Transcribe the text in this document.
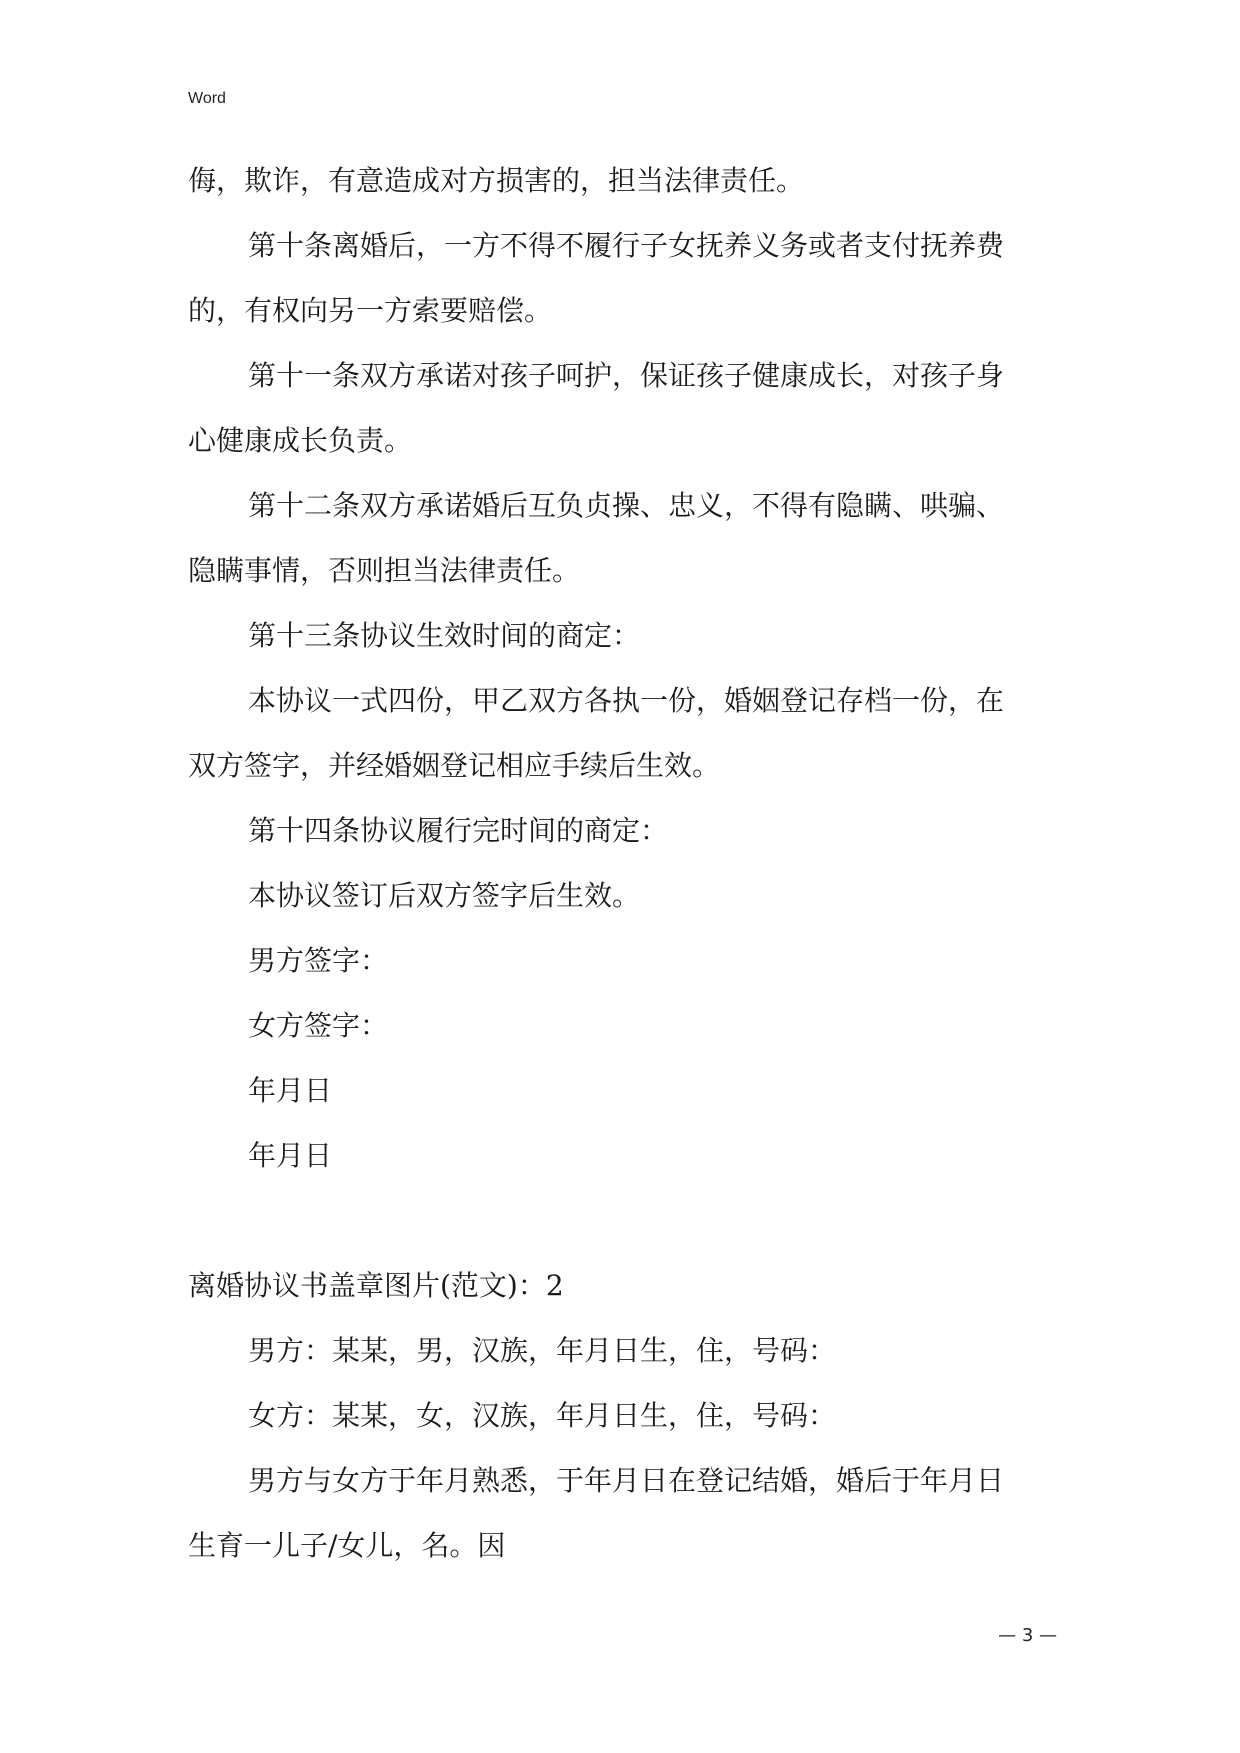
Word

侮，欺诈，有意造成对方损害的，担当法律责任。

第十条离婚后，一方不得不履行子女抚养义务或者支付抚养费

的，有权向另一方索要赔偿。

第十一条双方承诺对孩子呵护，保证孩子健康成长，对孩子身

心健康成长负责。

第十二条双方承诺婚后互负贞操、忠义，不得有隐瞒、哄骗、

隐瞒事情，否则担当法律责任。

第十三条协议生效时间的商定：

本协议一式四份，甲乙双方各执一份，婚姻登记存档一份，在

双方签字，并经婚姻登记相应手续后生效。

第十四条协议履行完时间的商定：

本协议签订后双方签字后生效。

男方签字：

女方签字：

年月日

年月日

离婚协议书盖章图片(范文)：2

男方：某某，男，汉族，年月日生，住，号码：

女方：某某，女，汉族，年月日生，住，号码：

男方与女方于年月熟悉，于年月日在登记结婚，婚后于年月日

生育一儿子/女儿，名。因

— 3 —
